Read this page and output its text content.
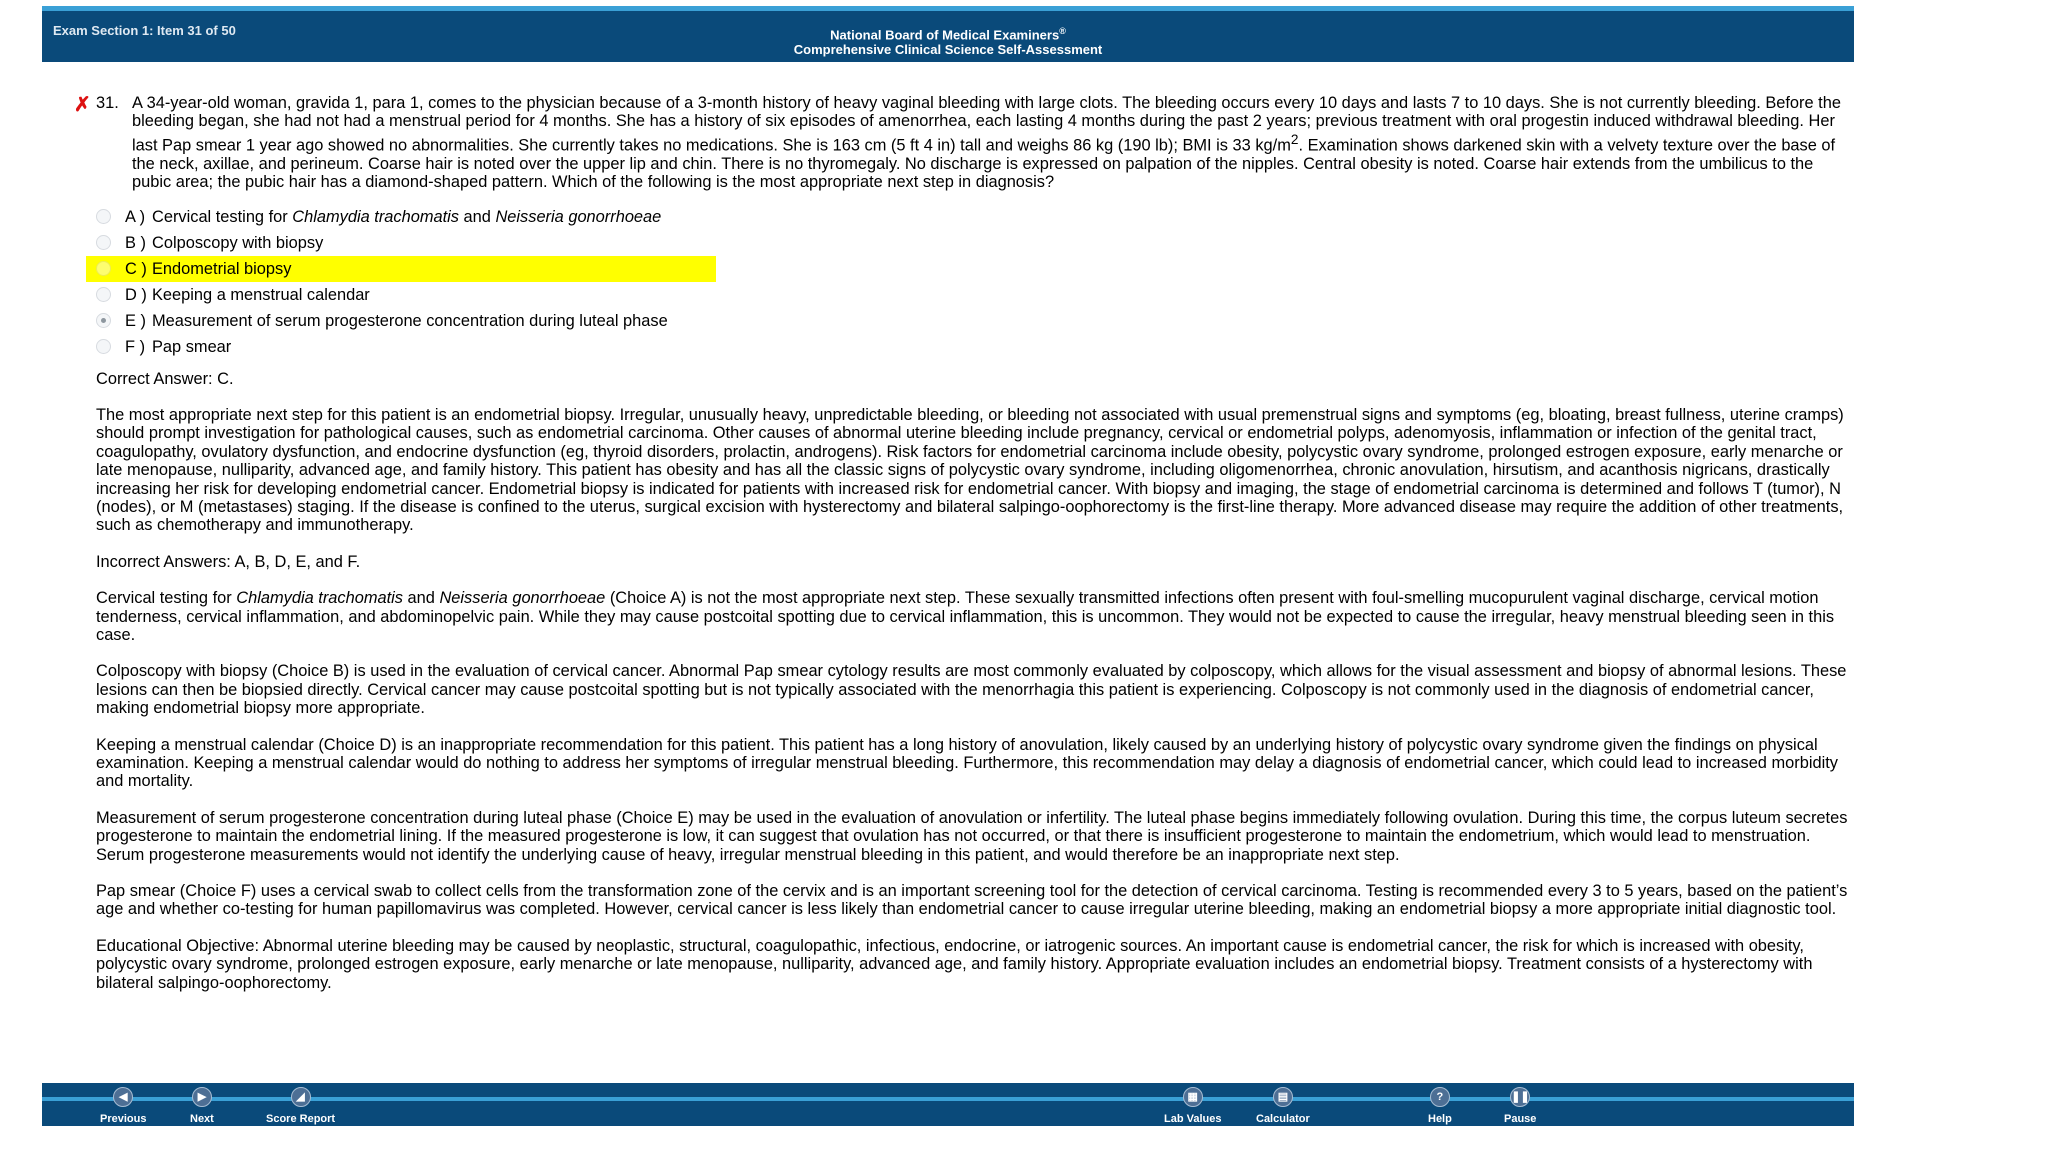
Exam Section 1: Item 31 of 50	National Board of Medical Examiners®
Comprehensive Clinical Science Self-Assessment
✗ 31. A 34-year-old woman, gravida 1, para 1, comes to the physician because of a 3-month history of heavy vaginal bleeding with large clots. The bleeding occurs every 10 days and lasts 7 to 10 days. She is not currently bleeding. Before the bleeding began, she had not had a menstrual period for 4 months. She has a history of six episodes of amenorrhea, each lasting 4 months during the past 2 years; previous treatment with oral progestin induced withdrawal bleeding. Her last Pap smear 1 year ago showed no abnormalities. She currently takes no medications. She is 163 cm (5 ft 4 in) tall and weighs 86 kg (190 lb); BMI is 33 $kg/m^2$. Examination shows darkened skin with a velvety texture over the base of the neck, axillae, and perineum. Coarse hair is noted over the upper lip and chin. There is no thyromegaly. No discharge is expressed on palpation of the nipples. Central obesity is noted. Coarse hair extends from the umbilicus to the pubic area; the pubic hair has a diamond-shaped pattern. Which of the following is the most appropriate next step in diagnosis?
A ) Cervical testing for Chlamydia trachomatis and Neisseria gonorrhoeae
B ) Colposcopy with biopsy
C ) Endometrial biopsy
D ) Keeping a menstrual calendar
E ) Measurement of serum progesterone concentration during luteal phase
F ) Pap smear
Correct Answer: C.
The most appropriate next step for this patient is an endometrial biopsy. Irregular, unusually heavy, unpredictable bleeding, or bleeding not associated with usual premenstrual signs and symptoms (eg, bloating, breast fullness, uterine cramps) should prompt investigation for pathological causes, such as endometrial carcinoma. Other causes of abnormal uterine bleeding include pregnancy, cervical or endometrial polyps, adenomyosis, inflammation or infection of the genital tract, coagulopathy, ovulatory dysfunction, and endocrine dysfunction (eg, thyroid disorders, prolactin, androgens). Risk factors for endometrial carcinoma include obesity, polycystic ovary syndrome, prolonged estrogen exposure, early menarche or late menopause, nulliparity, advanced age, and family history. This patient has obesity and has all the classic signs of polycystic ovary syndrome, including oligomenorrhea, chronic anovulation, hirsutism, and acanthosis nigricans, drastically increasing her risk for developing endometrial cancer. Endometrial biopsy is indicated for patients with increased risk for endometrial cancer. With biopsy and imaging, the stage of endometrial carcinoma is determined and follows T (tumor), N (nodes), or M (metastases) staging. If the disease is confined to the uterus, surgical excision with hysterectomy and bilateral salpingo-oophorectomy is the first-line therapy. More advanced disease may require the addition of other treatments, such as chemotherapy and immunotherapy.
Incorrect Answers: A, B, D, E, and F.
Cervical testing for Chlamydia trachomatis and Neisseria gonorrhoeae (Choice A) is not the most appropriate next step. These sexually transmitted infections often present with foul-smelling mucopurulent vaginal discharge, cervical motion tenderness, cervical inflammation, and abdominopelvic pain. While they may cause postcoital spotting due to cervical inflammation, this is uncommon. They would not be expected to cause the irregular, heavy menstrual bleeding seen in this case.
Colposcopy with biopsy (Choice B) is used in the evaluation of cervical cancer. Abnormal Pap smear cytology results are most commonly evaluated by colposcopy, which allows for the visual assessment and biopsy of abnormal lesions. These lesions can then be biopsied directly. Cervical cancer may cause postcoital spotting but is not typically associated with the menorrhagia this patient is experiencing. Colposcopy is not commonly used in the diagnosis of endometrial cancer, making endometrial biopsy more appropriate.
Keeping a menstrual calendar (Choice D) is an inappropriate recommendation for this patient. This patient has a long history of anovulation, likely caused by an underlying history of polycystic ovary syndrome given the findings on physical examination. Keeping a menstrual calendar would do nothing to address her symptoms of irregular menstrual bleeding. Furthermore, this recommendation may delay a diagnosis of endometrial cancer, which could lead to increased morbidity and mortality.
Measurement of serum progesterone concentration during luteal phase (Choice E) may be used in the evaluation of anovulation or infertility. The luteal phase begins immediately following ovulation. During this time, the corpus luteum secretes progesterone to maintain the endometrial lining. If the measured progesterone is low, it can suggest that ovulation has not occurred, or that there is insufficient progesterone to maintain the endometrium, which would lead to menstruation. Serum progesterone measurements would not identify the underlying cause of heavy, irregular menstrual bleeding in this patient, and would therefore be an inappropriate next step.
Pap smear (Choice F) uses a cervical swab to collect cells from the transformation zone of the cervix and is an important screening tool for the detection of cervical carcinoma. Testing is recommended every 3 to 5 years, based on the patient’s age and whether co-testing for human papillomavirus was completed. However, cervical cancer is less likely than endometrial cancer to cause irregular uterine bleeding, making an endometrial biopsy a more appropriate initial diagnostic tool.
Educational Objective: Abnormal uterine bleeding may be caused by neoplastic, structural, coagulopathic, infectious, endocrine, or iatrogenic sources. An important cause is endometrial cancer, the risk for which is increased with obesity, polycystic ovary syndrome, prolonged estrogen exposure, early menarche or late menopause, nulliparity, advanced age, and family history. Appropriate evaluation includes an endometrial biopsy. Treatment consists of a hysterectomy with bilateral salpingo-oophorectomy.
◀
Previous
▶
Next
◢
Score Report
▦
Lab Values
▤
Calculator
?
Help
❚❚
Pause
